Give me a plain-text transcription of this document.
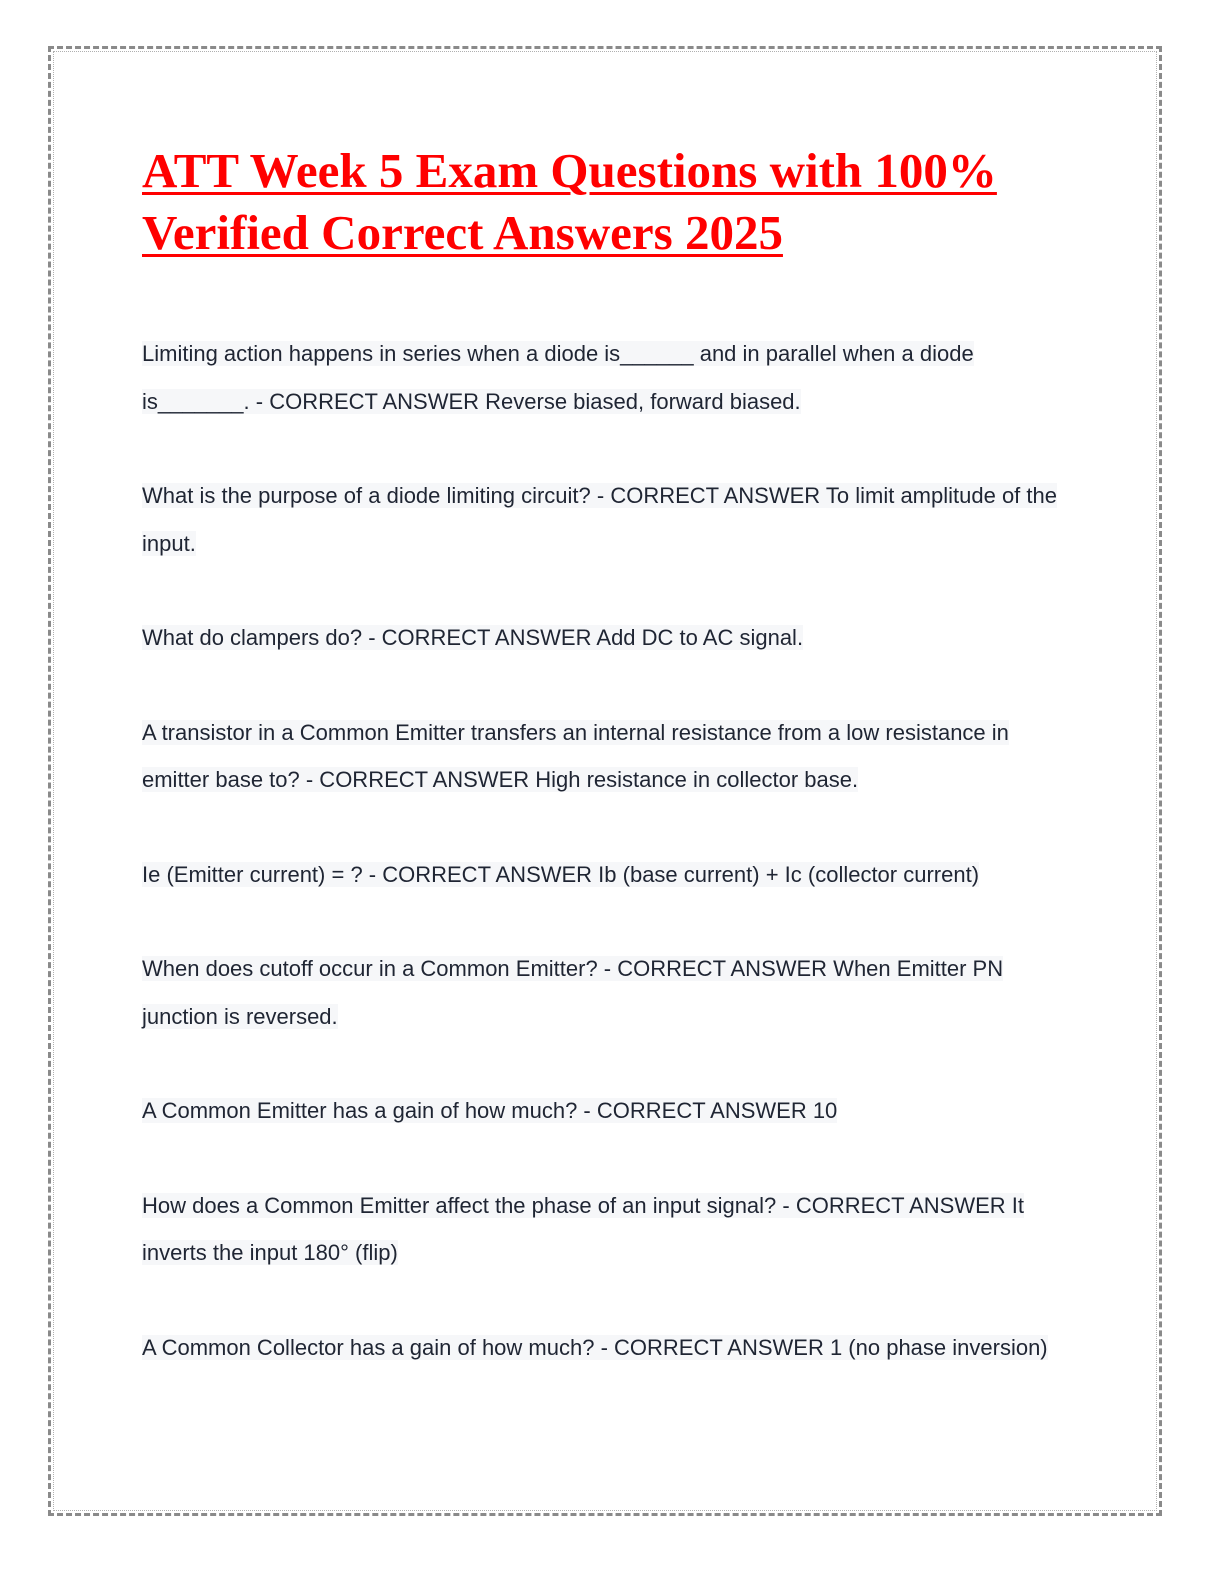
ATT Week 5 Exam Questions with 100% Verified Correct Answers 2025

Limiting action happens in series when a diode is______ and in parallel when a diode is_______. - CORRECT ANSWER Reverse biased, forward biased.

What is the purpose of a diode limiting circuit? - CORRECT ANSWER To limit amplitude of the input.

What do clampers do? - CORRECT ANSWER Add DC to AC signal.

A transistor in a Common Emitter transfers an internal resistance from a low resistance in emitter base to? - CORRECT ANSWER High resistance in collector base.

Ie (Emitter current) = ? - CORRECT ANSWER Ib (base current) + Ic (collector current)

When does cutoff occur in a Common Emitter? - CORRECT ANSWER When Emitter PN junction is reversed.

A Common Emitter has a gain of how much? - CORRECT ANSWER 10

How does a Common Emitter affect the phase of an input signal? - CORRECT ANSWER It inverts the input 180° (flip)

A Common Collector has a gain of how much? - CORRECT ANSWER 1 (no phase inversion)
